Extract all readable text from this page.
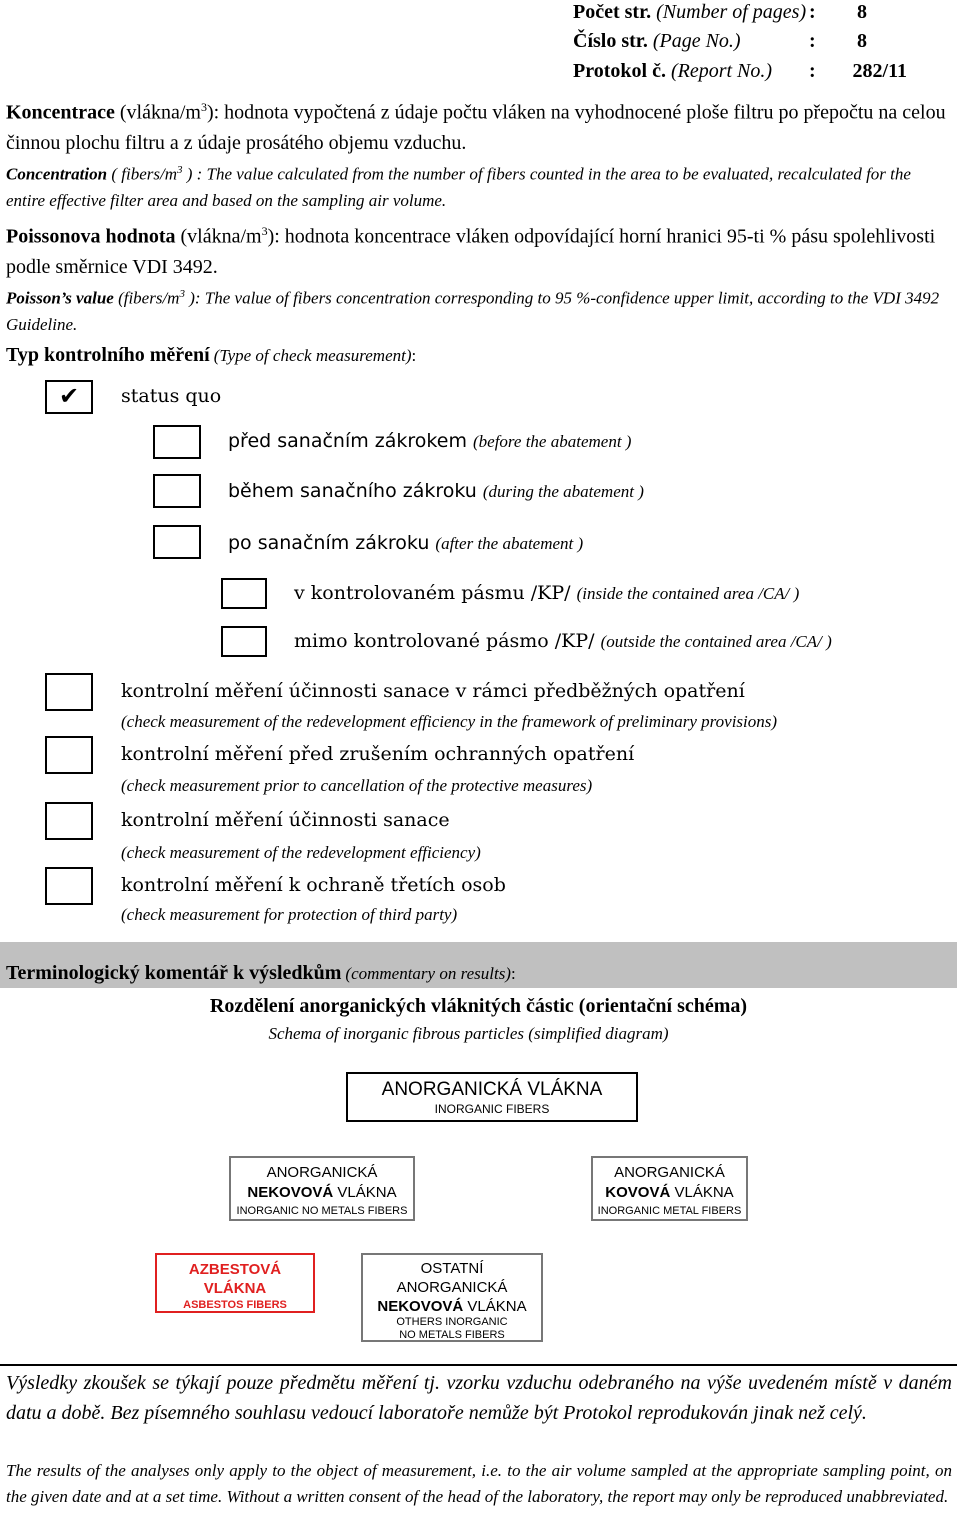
Počet str. (Number of pages) : 8
Číslo str. (Page No.)	: 8
Protokol č. (Report No.) : 282/11
Koncentrace $(vlákna/m^3)$: hodnota vypočtená z údaje počtu vláken na vyhodnocené ploše filtru po přepočtu na celou činnou plochu filtru a z údaje prosátého objemu vzduchu.
Concentration ( fibers/$m^3$ ) : The value calculated from the number of fibers counted in the area to be evaluated, recalculated for the entire effective filter area and based on the sampling air volume.
Poissonova hodnota $(vlákna/m^3)$: hodnota koncentrace vláken odpovídající horní hranici 95-ti % pásu spolehlivosti podle směrnice VDI 3492.
Poisson’s value ($fibers/m^3$ ): The value of fibers concentration corresponding to 95 %-confidence upper limit, according to the VDI 3492 Guideline.
Typ kontrolního měření (Type of check measurement):
✔	status quo
před sanačním zákrokem (before the abatement )
během sanačního zákroku (during the abatement )
po sanačním zákroku (after the abatement )
v kontrolovaném pásmu /KP/ (inside the contained area /CA/ )
mimo kontrolované pásmo /KP/ (outside the contained area /CA/ )
kontrolní měření účinnosti sanace v rámci předběžných opatření
(check measurement of the redevelopment efficiency in the framework of preliminary provisions)
kontrolní měření před zrušením ochranných opatření
(check measurement prior to cancellation of the protective measures)
kontrolní měření účinnosti sanace
(check measurement of the redevelopment efficiency)
kontrolní měření k ochraně třetích osob
(check measurement for protection of third party)
Terminologický komentář k výsledkům (commentary on results):
Rozdělení anorganických vláknitých částic (orientační schéma)
Schema of inorganic fibrous particles (simplified diagram)
ANORGANICKÁ VLÁKNA
INORGANIC FIBERS
ANORGANICKÁ
NEKOVOVÁ VLÁKNA
INORGANIC NO METALS FIBERS
ANORGANICKÁ
KOVOVÁ VLÁKNA
INORGANIC METAL FIBERS
AZBESTOVÁ
VLÁKNA
ASBESTOS FIBERS
OSTATNÍ
ANORGANICKÁ
NEKOVOVÁ VLÁKNA
OTHERS INORGANIC
NO METALS FIBERS
Výsledky zkoušek se týkají pouze předmětu měření tj. vzorku vzduchu odebraného na výše uvedeném místě v daném datu a době. Bez písemného souhlasu vedoucí laboratoře nemůže být Protokol reprodukován jinak než celý.
The results of the analyses only apply to the object of measurement, i.e. to the air volume sampled at the appropriate sampling point, on the given date and at a set time. Without a written consent of the head of the laboratory, the report may only be reproduced unabbreviated.
